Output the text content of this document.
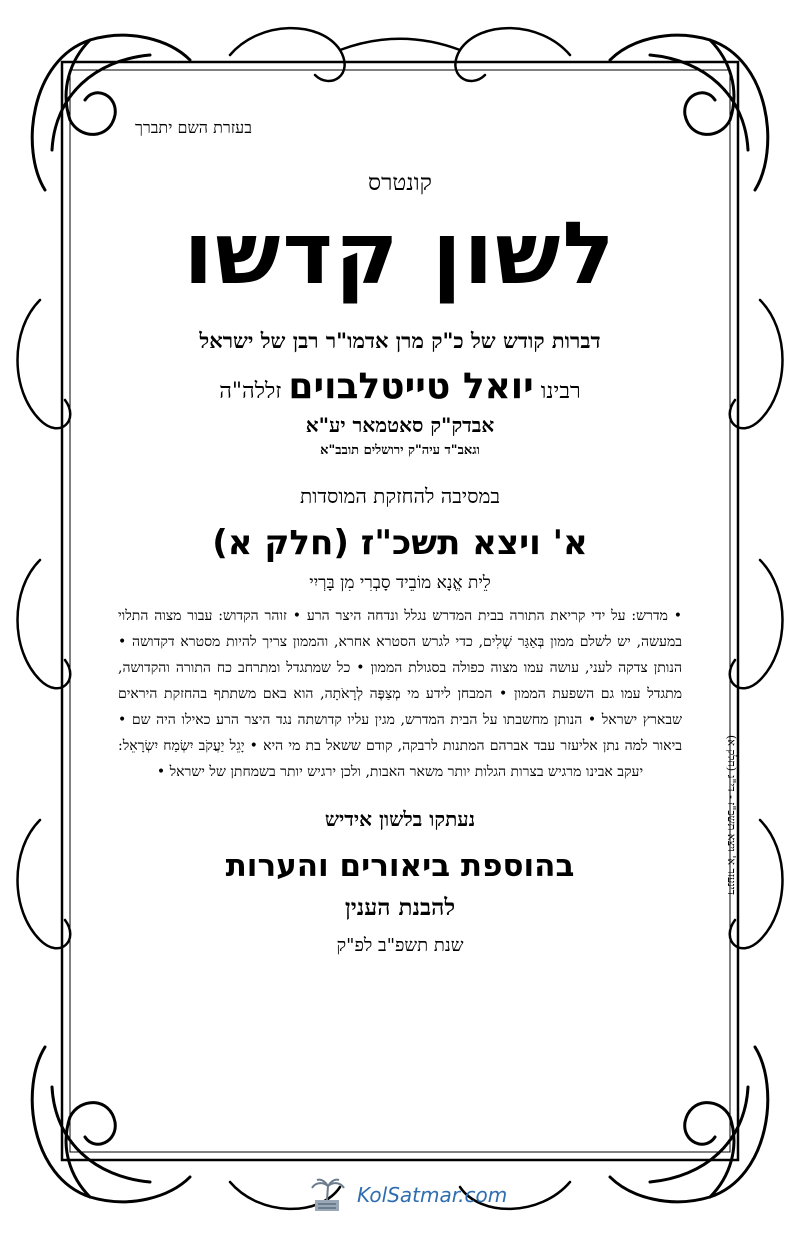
בעזרת השם יתברך

קונטרס

לשון קדשו

דברות קודש של כ"ק מרן אדמו"ר רבן של ישראל

רבינו יואל טייטלבוים זללה"ה

אבדק"ק סאטמאר יע"א

וגאב"ד עיה"ק ירושלים תובב"א

במסיבה להחזקת המוסדות

א' ויצא תשכ"ז (חלק א)

לֵית אֱנָא מוֹבֵיד סָבְרִי מִן בָּרְיִי

• מדרש: על ידי קריאת התורה בבית המדרש נגלל ונדחה היצר הרע • זוהר הקדוש: עבור מצוה התלוי במעשה, יש לשלם ממון בְּאַגַּר שְׁלִים, כדי לגרש הסטרא אחרא, והממון צריך להיות מסטרא דקדושה • הנותן צדקה לעני, עושה עמו מצוה כפולה בסגולת הממון • כל שמתגדל ומתרחב כח התורה והקדושה, מתגדל עמו גם השפעת הממון • המבחן לידע מי מְצַפֶּה לְרָאֹתָה, הוא באם משתתף בהחזקת היראים שבארץ ישראל • הנותן מחשבתו על הבית המדרש, מגין עליו קדושתה נגד היצר הרע כאילו היה שם • ביאור למה נתן אליעזר עבד אברהם המתנות לרבקה, קודם ששאל בת מי היא • יָגֵל יַעֲקֹב יִשְׂמַח יִשְׂרָאֵל: יעקב אבינו מרגיש בצרות הגלות יותר משאר האבות, ולכן ירגיש יותר בשמחתן של ישראל •

נעתקו בלשון אידיש

בהוספת ביאורים והערות

להבנת הענין

שנת תשפ"ב לפ"ק

דינעזר א' ויצא תשכ"ז - די"ג (חלק א)
KolSatmar.com
